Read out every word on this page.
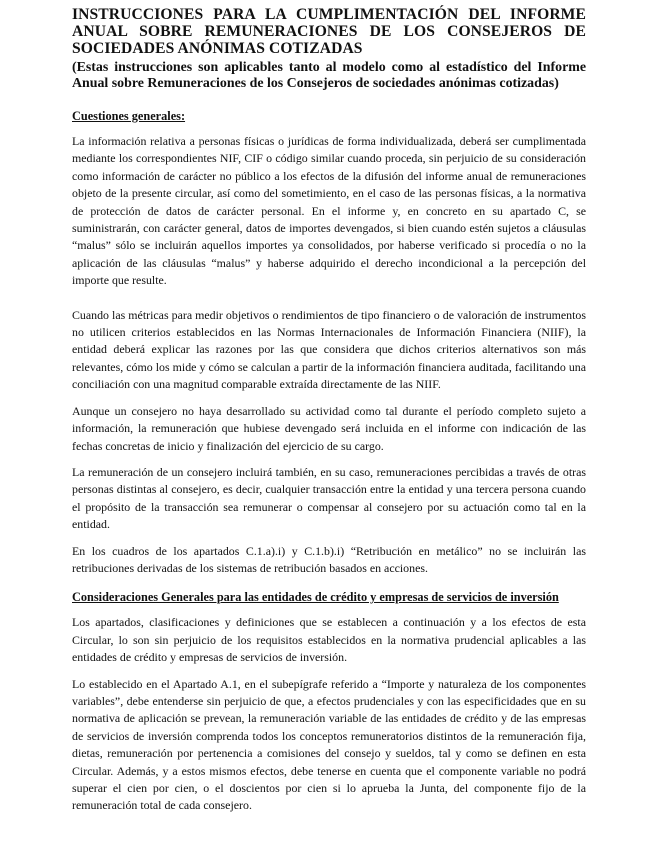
INSTRUCCIONES PARA LA CUMPLIMENTACIÓN DEL INFORME ANUAL SOBRE REMUNERACIONES DE LOS CONSEJEROS DE SOCIEDADES ANÓNIMAS COTIZADAS

(Estas instrucciones son aplicables tanto al modelo como al estadístico del Informe Anual sobre Remuneraciones de los Consejeros de sociedades anónimas cotizadas)

Cuestiones generales:

La información relativa a personas físicas o jurídicas de forma individualizada, deberá ser cumplimentada mediante los correspondientes NIF, CIF o código similar cuando proceda, sin perjuicio de su consideración como información de carácter no público a los efectos de la difusión del informe anual de remuneraciones objeto de la presente circular, así como del sometimiento, en el caso de las personas físicas, a la normativa de protección de datos de carácter personal. En el informe y, en concreto en su apartado C, se suministrarán, con carácter general, datos de importes devengados, si bien cuando estén sujetos a cláusulas “malus” sólo se incluirán aquellos importes ya consolidados, por haberse verificado si procedía o no la aplicación de las cláusulas “malus” y haberse adquirido el derecho incondicional a la percepción del importe que resulte.

Cuando las métricas para medir objetivos o rendimientos de tipo financiero o de valoración de instrumentos no utilicen criterios establecidos en las Normas Internacionales de Información Financiera (NIIF), la entidad deberá explicar las razones por las que considera que dichos criterios alternativos son más relevantes, cómo los mide y cómo se calculan a partir de la información financiera auditada, facilitando una conciliación con una magnitud comparable extraída directamente de las NIIF.

Aunque un consejero no haya desarrollado su actividad como tal durante el período completo sujeto a información, la remuneración que hubiese devengado será incluida en el informe con indicación de las fechas concretas de inicio y finalización del ejercicio de su cargo.

La remuneración de un consejero incluirá también, en su caso, remuneraciones percibidas a través de otras personas distintas al consejero, es decir, cualquier transacción entre la entidad y una tercera persona cuando el propósito de la transacción sea remunerar o compensar al consejero por su actuación como tal en la entidad.

En los cuadros de los apartados C.1.a).i) y C.1.b).i) “Retribución en metálico” no se incluirán las retribuciones derivadas de los sistemas de retribución basados en acciones.

Consideraciones Generales para las entidades de crédito y empresas de servicios de inversión

Los apartados, clasificaciones y definiciones que se establecen a continuación y a los efectos de esta Circular, lo son sin perjuicio de los requisitos establecidos en la normativa prudencial aplicables a las entidades de crédito y empresas de servicios de inversión.

Lo establecido en el Apartado A.1, en el subepígrafe referido a “Importe y naturaleza de los componentes variables”, debe entenderse sin perjuicio de que, a efectos prudenciales y con las especificidades que en su normativa de aplicación se prevean, la remuneración variable de las entidades de crédito y de las empresas de servicios de inversión comprenda todos los conceptos remuneratorios distintos de la remuneración fija, dietas, remuneración por pertenencia a comisiones del consejo y sueldos, tal y como se definen en esta Circular. Además, y a estos mismos efectos, debe tenerse en cuenta que el componente variable no podrá superar el cien por cien, o el doscientos por cien si lo aprueba la Junta, del componente fijo de la remuneración total de cada consejero.
